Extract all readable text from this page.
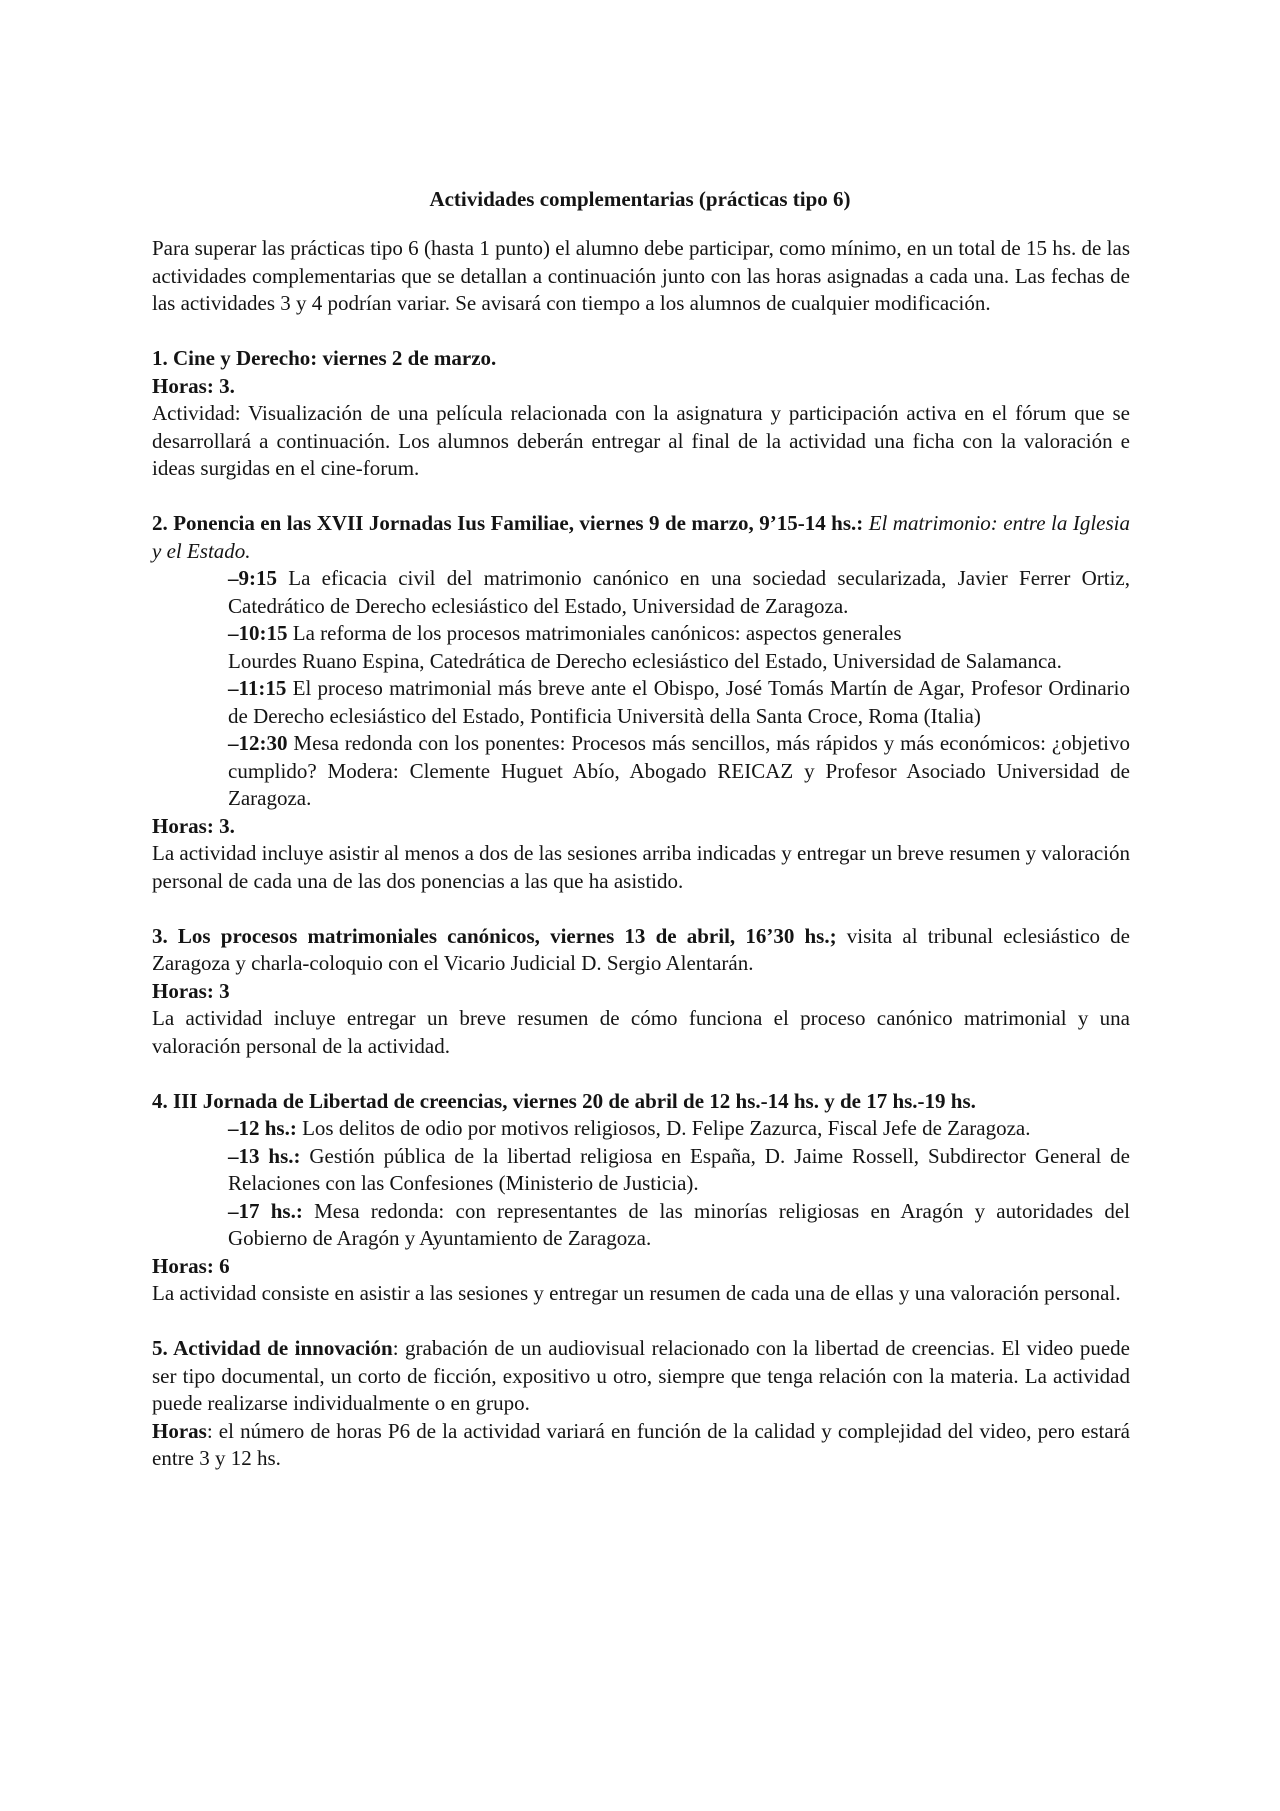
Actividades complementarias (prácticas tipo 6)

Para superar las prácticas tipo 6 (hasta 1 punto) el alumno debe participar, como mínimo, en un total de 15 hs. de las actividades complementarias que se detallan a continuación junto con las horas asignadas a cada una. Las fechas de las actividades 3 y 4 podrían variar. Se avisará con tiempo a los alumnos de cualquier modificación.

1. Cine y Derecho: viernes 2 de marzo.

Horas: 3.

Actividad: Visualización de una película relacionada con la asignatura y participación activa en el fórum que se desarrollará a continuación. Los alumnos deberán entregar al final de la actividad una ficha con la valoración e ideas surgidas en el cine-forum.

2. Ponencia en las XVII Jornadas Ius Familiae, viernes 9 de marzo, 9’15-14 hs.: El matrimonio: entre la Iglesia y el Estado.

–9:15 La eficacia civil del matrimonio canónico en una sociedad secularizada, Javier Ferrer Ortiz, Catedrático de Derecho eclesiástico del Estado, Universidad de Zaragoza.

–10:15 La reforma de los procesos matrimoniales canónicos: aspectos generales

Lourdes Ruano Espina, Catedrática de Derecho eclesiástico del Estado, Universidad de Salamanca.

–11:15 El proceso matrimonial más breve ante el Obispo, José Tomás Martín de Agar, Profesor Ordinario de Derecho eclesiástico del Estado, Pontificia Università della Santa Croce, Roma (Italia)

–12:30 Mesa redonda con los ponentes: Procesos más sencillos, más rápidos y más económicos: ¿objetivo cumplido? Modera: Clemente Huguet Abío, Abogado REICAZ y Profesor Asociado Universidad de Zaragoza.

Horas: 3.

La actividad incluye asistir al menos a dos de las sesiones arriba indicadas y entregar un breve resumen y valoración personal de cada una de las dos ponencias a las que ha asistido.

3. Los procesos matrimoniales canónicos, viernes 13 de abril, 16’30 hs.; visita al tribunal eclesiástico de Zaragoza y charla-coloquio con el Vicario Judicial D. Sergio Alentarán.

Horas: 3

La actividad incluye entregar un breve resumen de cómo funciona el proceso canónico matrimonial y una valoración personal de la actividad.

4. III Jornada de Libertad de creencias, viernes 20 de abril de 12 hs.-14 hs. y de 17 hs.-19 hs.

–12 hs.: Los delitos de odio por motivos religiosos, D. Felipe Zazurca, Fiscal Jefe de Zaragoza.

–13 hs.: Gestión pública de la libertad religiosa en España, D. Jaime Rossell, Subdirector General de Relaciones con las Confesiones (Ministerio de Justicia).

–17 hs.: Mesa redonda: con representantes de las minorías religiosas en Aragón y autoridades del Gobierno de Aragón y Ayuntamiento de Zaragoza.

Horas: 6

La actividad consiste en asistir a las sesiones y entregar un resumen de cada una de ellas y una valoración personal.

5. Actividad de innovación: grabación de un audiovisual relacionado con la libertad de creencias. El video puede ser tipo documental, un corto de ficción, expositivo u otro, siempre que tenga relación con la materia. La actividad puede realizarse individualmente o en grupo.

Horas: el número de horas P6 de la actividad variará en función de la calidad y complejidad del video, pero estará entre 3 y 12 hs.
